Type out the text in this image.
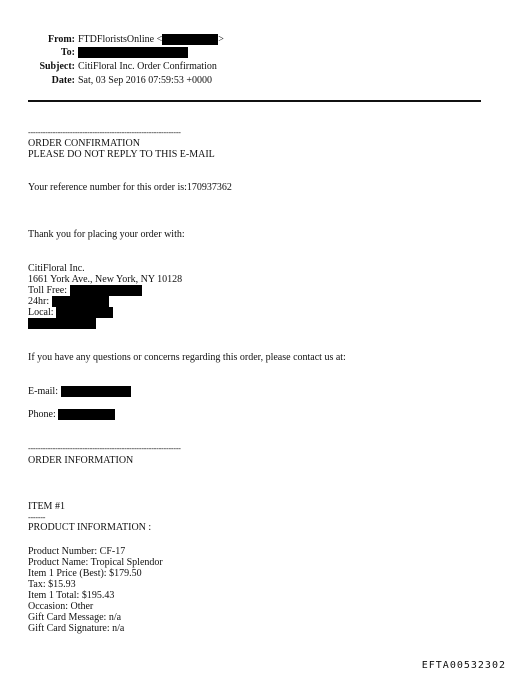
From: FTDFloristsOnline <	>
To:
Subject: CitiFloral Inc. Order Confirmation
Date: Sat, 03 Sep 2016 07:59:53 +0000
--------------------------------------------------------------
ORDER CONFIRMATION
PLEASE DO NOT REPLY TO THIS E-MAIL
Your reference number for this order is:170937362
Thank you for placing your order with:
CitiFloral Inc.
1661 York Ave., New York, NY 10128
Toll Free:
24hr:
Local:
If you have any questions or concerns regarding this order, please contact us at:
E-mail:
Phone:
--------------------------------------------------------------
ORDER INFORMATION
ITEM #1
-------
PRODUCT INFORMATION :
Product Number: CF-17
Product Name: Tropical Splendor
Item 1 Price (Best): $179.50
Tax: $15.93
Item 1 Total: $195.43
Occasion: Other
Gift Card Message: n/a
Gift Card Signature: n/a
EFTA00532302
